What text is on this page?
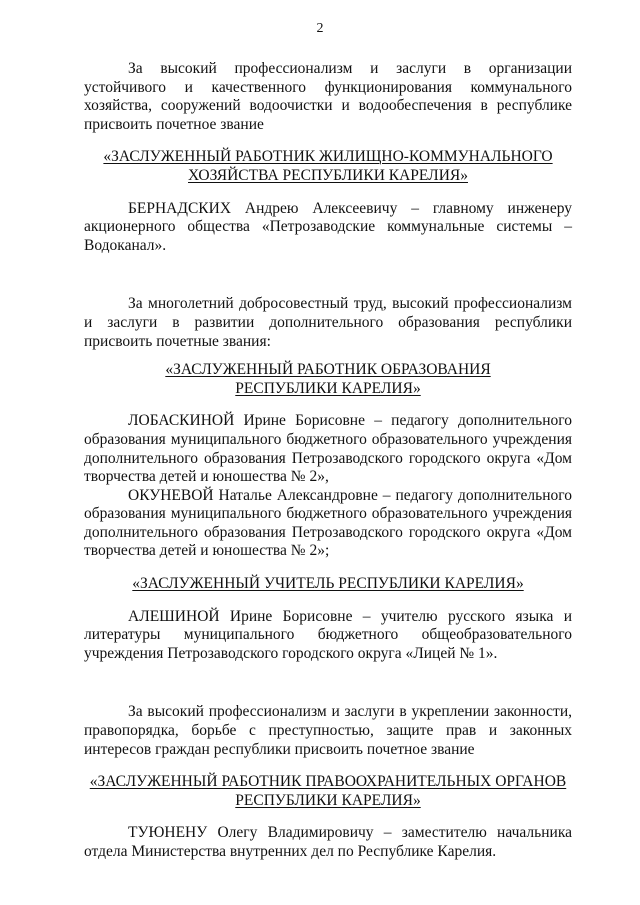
2

За высокий профессионализм и заслуги в организации устойчивого и качественного функционирования коммунального хозяйства, сооружений водоочистки и водообеспечения в республике присвоить почетное звание

«ЗАСЛУЖЕННЫЙ РАБОТНИК ЖИЛИЩНО-КОММУНАЛЬНОГО
ХОЗЯЙСТВА РЕСПУБЛИКИ КАРЕЛИЯ»

БЕРНАДСКИХ Андрею Алексеевичу – главному инженеру акционерного общества «Петрозаводские коммунальные системы – Водоканал».

За многолетний добросовестный труд, высокий профессионализм и заслуги в развитии дополнительного образования республики присвоить почетные звания:

«ЗАСЛУЖЕННЫЙ РАБОТНИК ОБРАЗОВАНИЯ
РЕСПУБЛИКИ КАРЕЛИЯ»

ЛОБАСКИНОЙ Ирине Борисовне – педагогу дополнительного образования муниципального бюджетного образовательного учреждения дополнительного образования Петрозаводского городского округа «Дом творчества детей и юношества № 2»,

ОКУНЕВОЙ Наталье Александровне – педагогу дополнительного образования муниципального бюджетного образовательного учреждения дополнительного образования Петрозаводского городского округа «Дом творчества детей и юношества № 2»;

«ЗАСЛУЖЕННЫЙ УЧИТЕЛЬ РЕСПУБЛИКИ КАРЕЛИЯ»

АЛЕШИНОЙ Ирине Борисовне – учителю русского языка и литературы муниципального бюджетного общеобразовательного учреждения Петрозаводского городского округа «Лицей № 1».

За высокий профессионализм и заслуги в укреплении законности, правопорядка, борьбе с преступностью, защите прав и законных интересов граждан республики присвоить почетное звание

«ЗАСЛУЖЕННЫЙ РАБОТНИК ПРАВООХРАНИТЕЛЬНЫХ ОРГАНОВ
РЕСПУБЛИКИ КАРЕЛИЯ»

ТУЮНЕНУ Олегу Владимировичу – заместителю начальника отдела Министерства внутренних дел по Республике Карелия.
